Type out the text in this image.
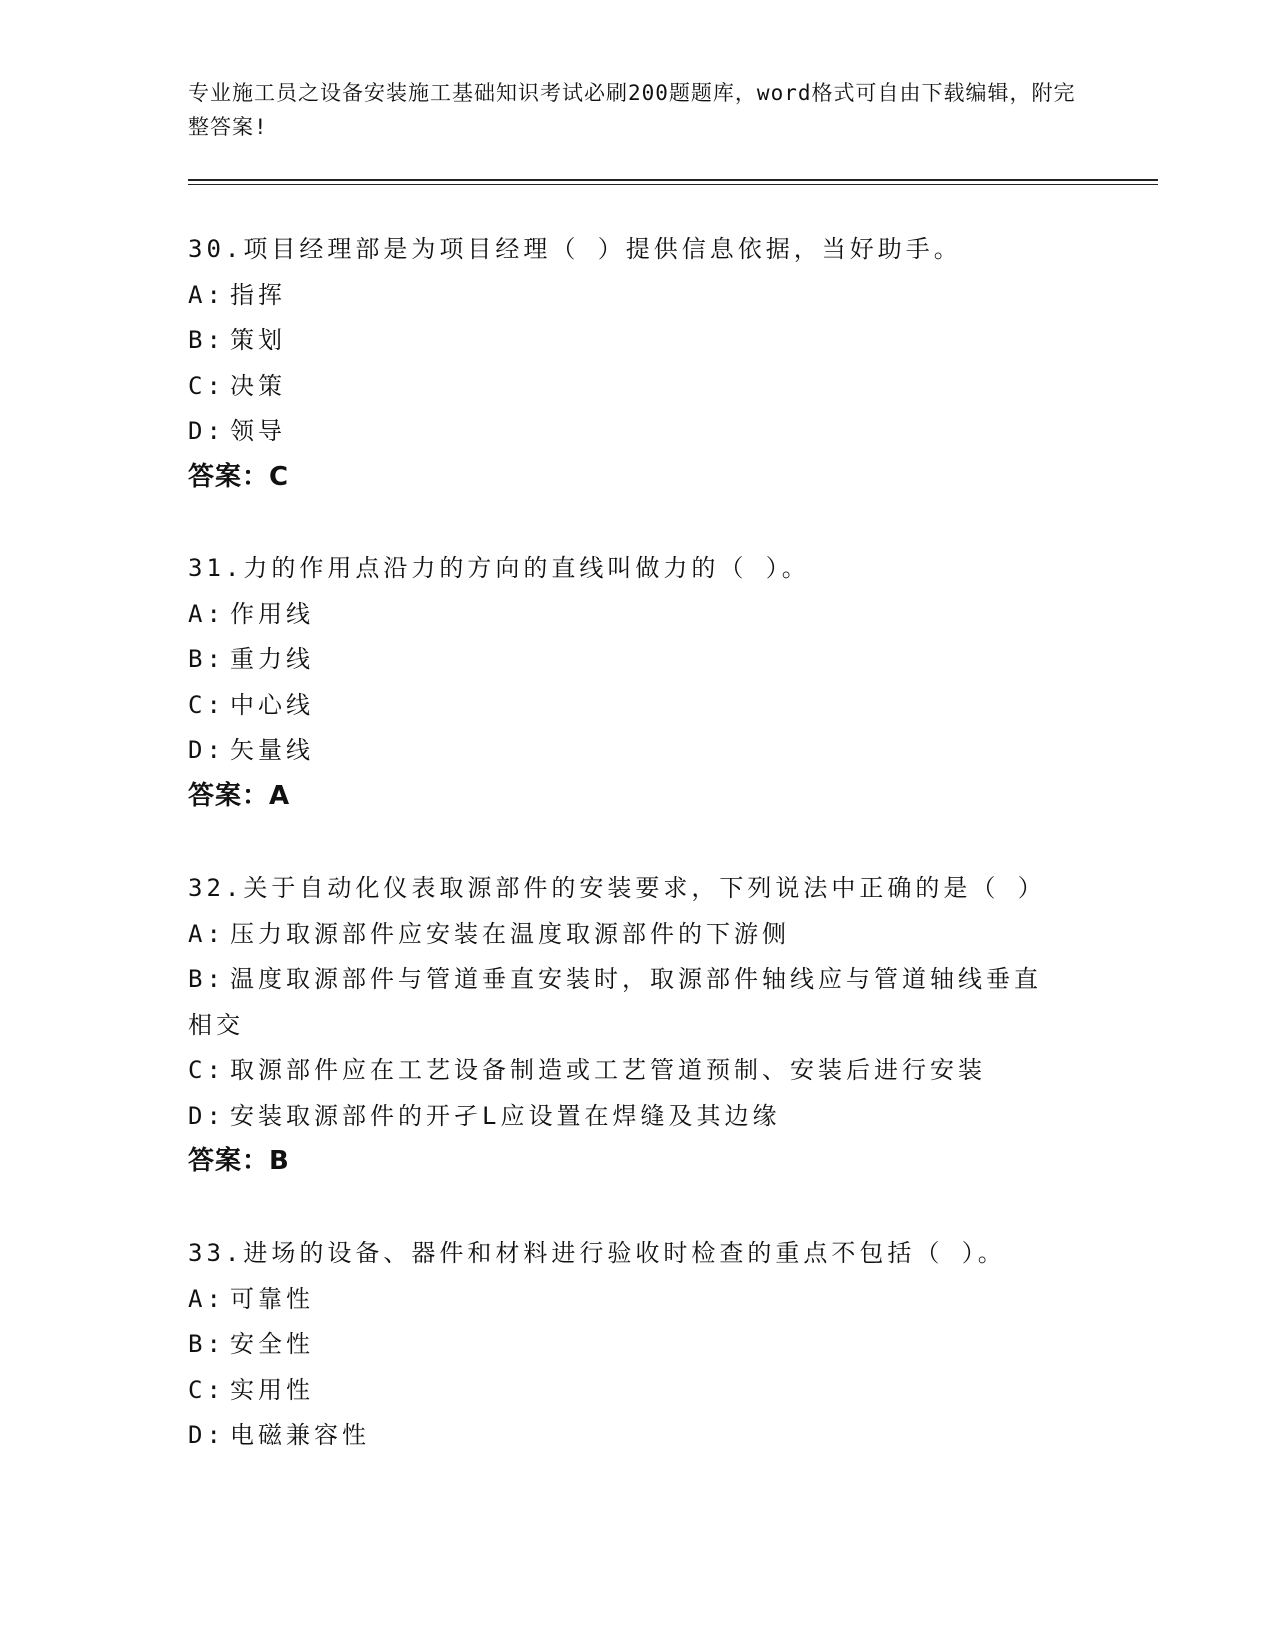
专业施工员之设备安装施工基础知识考试必刷200题题库，word格式可自由下载编辑，附完整答案!
30.项目经理部是为项目经理（ ）提供信息依据，当好助手。
A: 指挥
B: 策划
C: 决策
D: 领导
答案：C
31.力的作用点沿力的方向的直线叫做力的（ ）。
A: 作用线
B: 重力线
C: 中心线
D: 矢量线
答案：A
32.关于自动化仪表取源部件的安装要求，下列说法中正确的是（ ）
A: 压力取源部件应安装在温度取源部件的下游侧
B: 温度取源部件与管道垂直安装时，取源部件轴线应与管道轴线垂直相交
C: 取源部件应在工艺设备制造或工艺管道预制、安装后进行安装
D: 安装取源部件的开孑L应设置在焊缝及其边缘
答案：B
33.进场的设备、器件和材料进行验收时检查的重点不包括（ ）。
A: 可靠性
B: 安全性
C: 实用性
D: 电磁兼容性
